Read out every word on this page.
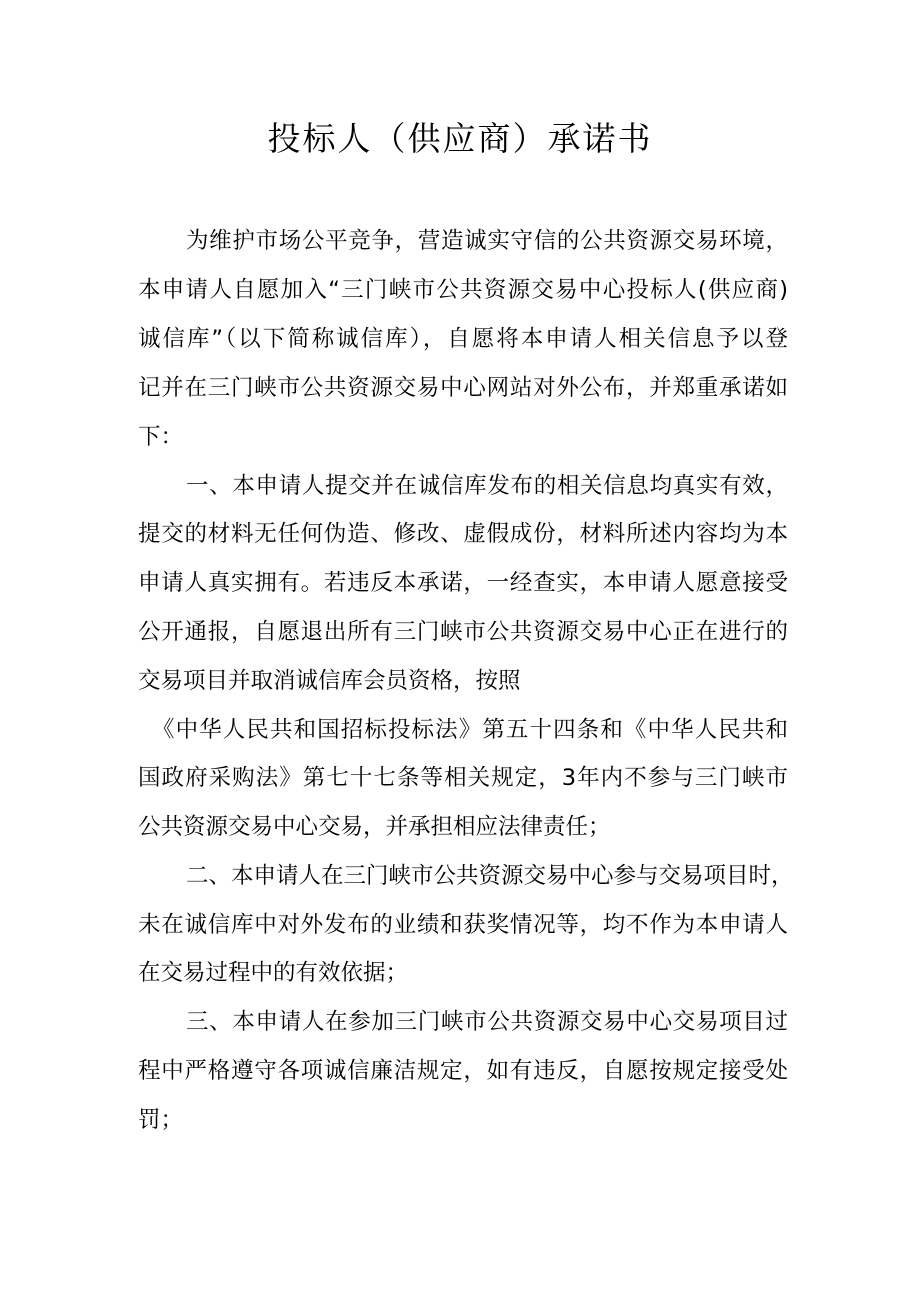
投标人（供应商）承诺书
为维护市场公平竞争，营造诚实守信的公共资源交易环境，
本申请人自愿加入“三门峡市公共资源交易中心投标人(供应商)
诚信库”（以下简称诚信库），自愿将本申请人相关信息予以登
记并在三门峡市公共资源交易中心网站对外公布，并郑重承诺如
下：
一、本申请人提交并在诚信库发布的相关信息均真实有效，
提交的材料无任何伪造、修改、虚假成份，材料所述内容均为本
申请人真实拥有。若违反本承诺，一经查实，本申请人愿意接受
公开通报，自愿退出所有三门峡市公共资源交易中心正在进行的
交易项目并取消诚信库会员资格，按照
《中华人民共和国招标投标法》第五十四条和《中华人民共和
国政府采购法》第七十七条等相关规定，3年内不参与三门峡市
公共资源交易中心交易，并承担相应法律责任；
二、本申请人在三门峡市公共资源交易中心参与交易项目时，
未在诚信库中对外发布的业绩和获奖情况等，均不作为本申请人
在交易过程中的有效依据；
三、本申请人在参加三门峡市公共资源交易中心交易项目过
程中严格遵守各项诚信廉洁规定，如有违反，自愿按规定接受处
罚；
